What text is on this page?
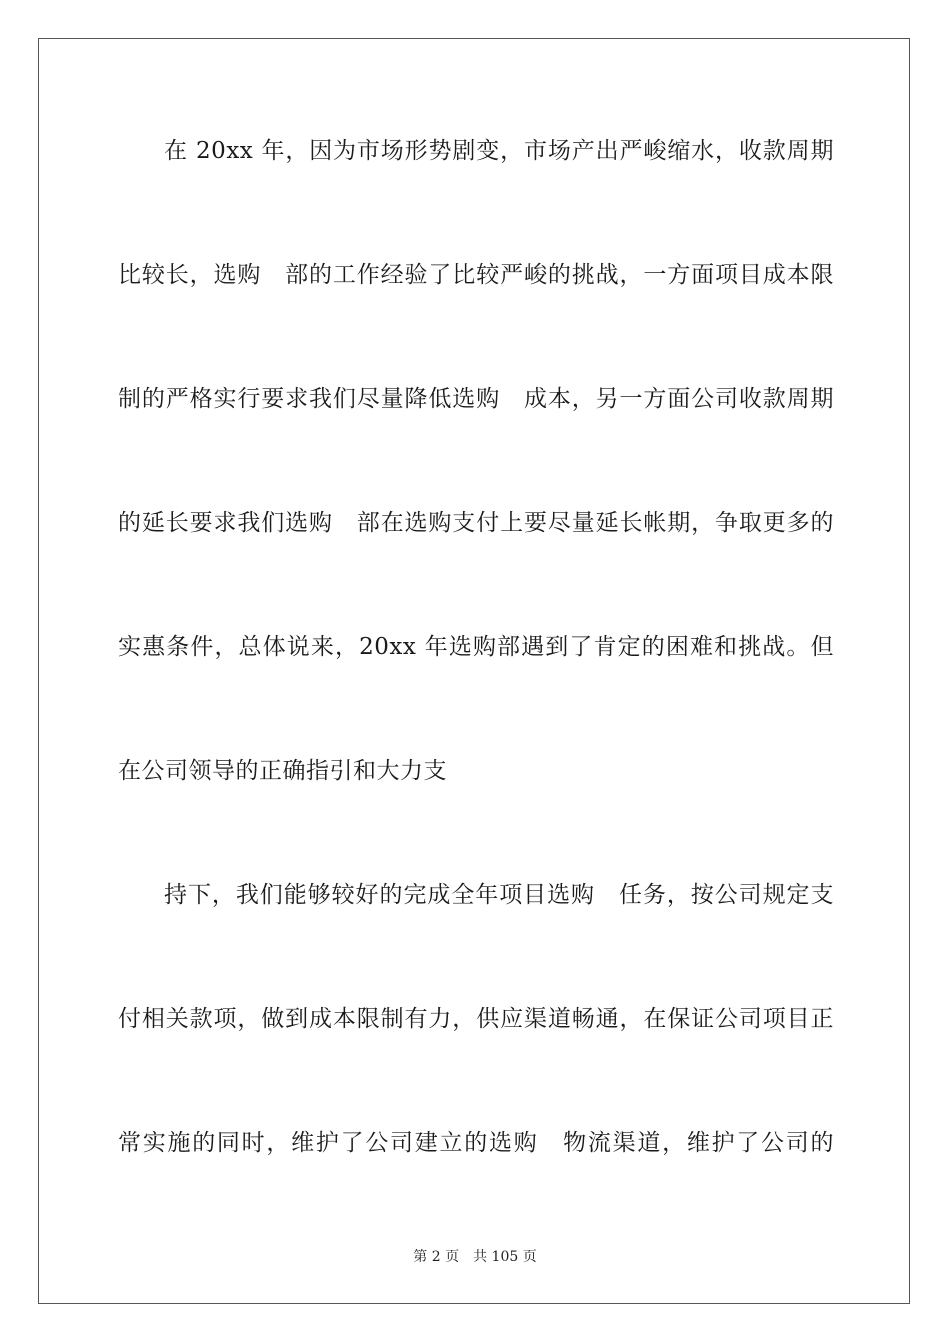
在 20xx 年，因为市场形势剧变，市场产出严峻缩水，收款周期
比较长，选购　部的工作经验了比较严峻的挑战，一方面项目成本限
制的严格实行要求我们尽量降低选购　成本，另一方面公司收款周期
的延长要求我们选购　部在选购支付上要尽量延长帐期，争取更多的
实惠条件，总体说来，20xx 年选购部遇到了肯定的困难和挑战。但
在公司领导的正确指引和大力支
持下，我们能够较好的完成全年项目选购　任务，按公司规定支
付相关款项，做到成本限制有力，供应渠道畅通，在保证公司项目正
常实施的同时，维护了公司建立的选购　物流渠道，维护了公司的
第 2 页 共 105 页
